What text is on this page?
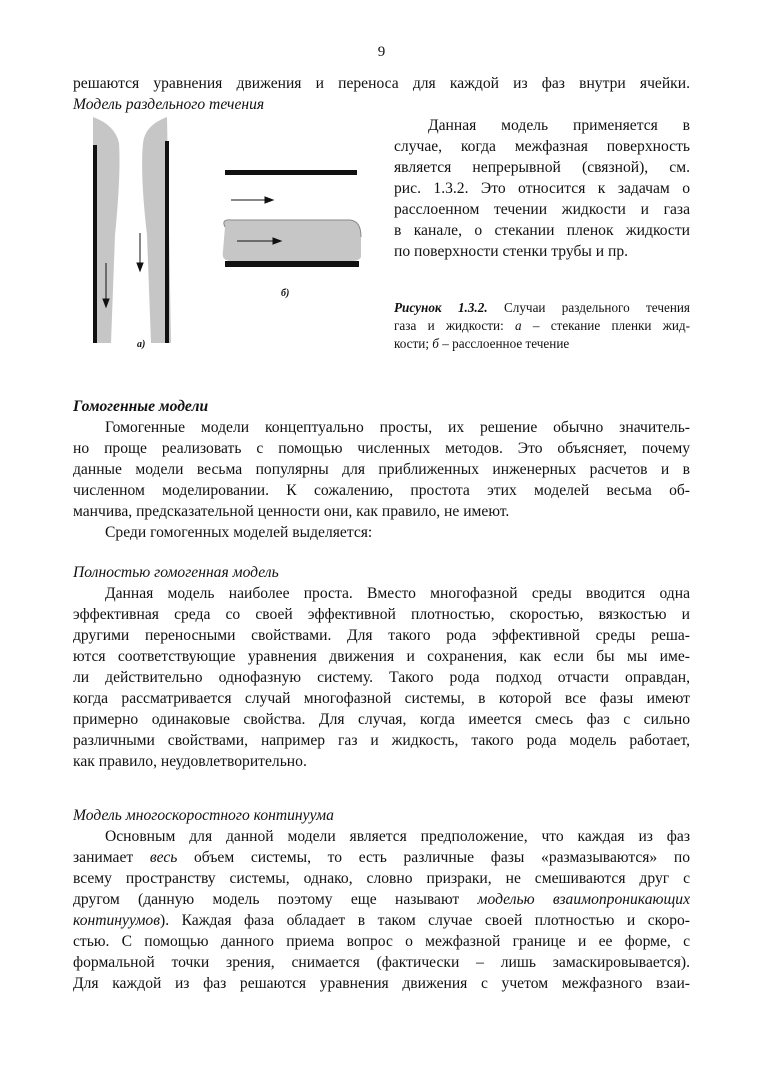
9
решаются уравнения движения и переноса для каждой из фаз внутри ячейки.
Модель раздельного течения
а)
б)
Данная модель применяется в
случае, когда межфазная поверхность
является непрерывной (связной), см.
рис. 1.3.2. Это относится к задачам о
расслоенном течении жидкости и газа
в канале, о стекании пленок жидкости
по поверхности стенки трубы и пр.
Рисунок 1.3.2. Случаи раздельного течения
газа и жидкости: а – стекание пленки жид-
кости; б – расслоенное течение
Гомогенные модели
Гомогенные модели концептуально просты, их решение обычно значитель-
но проще реализовать с помощью численных методов. Это объясняет, почему
данные модели весьма популярны для приближенных инженерных расчетов и в
численном моделировании. К сожалению, простота этих моделей весьма об-
манчива, предсказательной ценности они, как правило, не имеют.
Среди гомогенных моделей выделяется:
Полностью гомогенная модель
Данная модель наиболее проста. Вместо многофазной среды вводится одна
эффективная среда со своей эффективной плотностью, скоростью, вязкостью и
другими переносными свойствами. Для такого рода эффективной среды реша-
ются соответствующие уравнения движения и сохранения, как если бы мы име-
ли действительно однофазную систему. Такого рода подход отчасти оправдан,
когда рассматривается случай многофазной системы, в которой все фазы имеют
примерно одинаковые свойства. Для случая, когда имеется смесь фаз с сильно
различными свойствами, например газ и жидкость, такого рода модель работает,
как правило, неудовлетворительно.
Модель многоскоростного континуума
Основным для данной модели является предположение, что каждая из фаз
занимает весь объем системы, то есть различные фазы «размазываются» по
всему пространству системы, однако, словно призраки, не смешиваются друг с
другом (данную модель поэтому еще называют моделью взаимопроникающих
континуумов). Каждая фаза обладает в таком случае своей плотностью и скоро-
стью. С помощью данного приема вопрос о межфазной границе и ее форме, с
формальной точки зрения, снимается (фактически – лишь замаскировывается).
Для каждой из фаз решаются уравнения движения с учетом межфазного взаи-
